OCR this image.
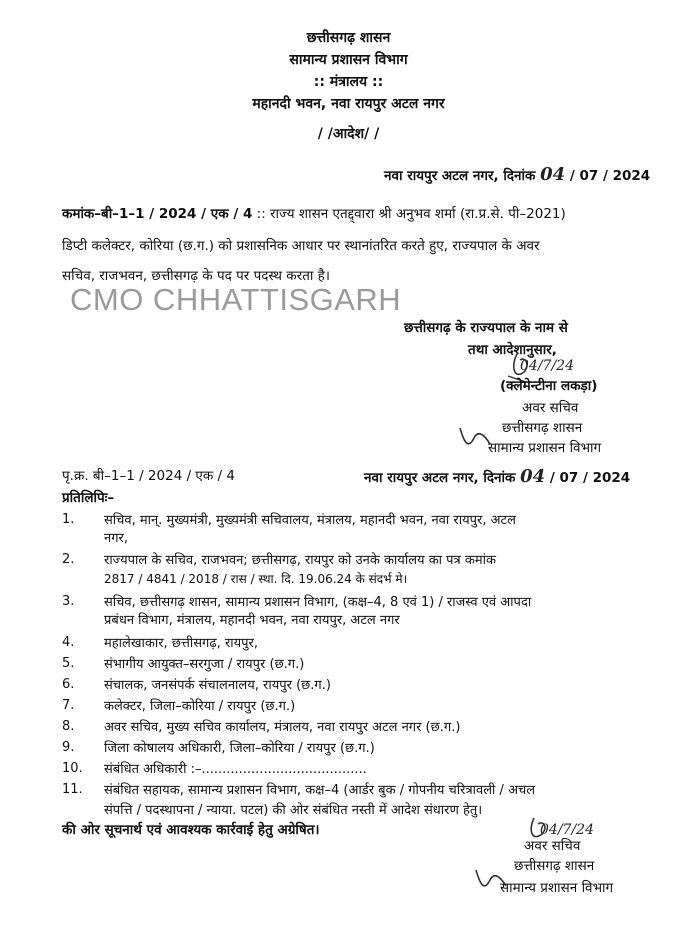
छत्तीसगढ़ शासन
सामान्य प्रशासन विभाग
:: मंत्रालय ::
महानदी भवन, नवा रायपुर अटल नगर
/ /आदेश/ /
नवा रायपुर अटल नगर, दिनांक 04 / 07 / 2024
कमांक–बी–1–1 / 2024 / एक / 4 :: राज्य शासन एतद्द्वारा श्री अनुभव शर्मा (रा.प्र.से. पी–2021)
डिप्टी कलेक्टर, कोरिया (छ.ग.) को प्रशासनिक आधार पर स्थानांतरित करते हुए, राज्यपाल के अवर
सचिव, राजभवन, छत्तीसगढ़ के पद पर पदस्थ करता है।
CMO CHHATTISGARH
छत्तीसगढ़ के राज्यपाल के नाम से
तथा आदेशानुसार,
04/7/24
(क्लेमेन्टीना लकड़ा)
अवर सचिव
छत्तीसगढ़ शासन
सामान्य प्रशासन विभाग
पृ.क्र. बी–1–1 / 2024 / एक / 4	नवा रायपुर अटल नगर, दिनांक 04 / 07 / 2024
प्रतिलिपिः–
1. सचिव, मान्. मुख्यमंत्री, मुख्यमंत्री सचिवालय, मंत्रालय, महानदी भवन, नवा रायपुर, अटल
नगर,
2. राज्यपाल के सचिव, राजभवन; छत्तीसगढ़, रायपुर को उनके कार्यालय का पत्र कमांक
2817 / 4841 / 2018 / रास / स्था. दि. 19.06.24 के संदर्भ मे।
3. सचिव, छत्तीसगढ़ शासन, सामान्य प्रशासन विभाग, (कक्ष–4, 8 एवं 1) / राजस्व एवं आपदा
प्रबंधन विभाग, मंत्रालय, महानदी भवन, नवा रायपुर, अटल नगर
4. महालेखाकार, छत्तीसगढ़, रायपुर,
5. संभागीय आयुक्त–सरगुजा / रायपुर (छ.ग.)
6. संचालक, जनसंपर्क संचालनालय, रायपुर (छ.ग.)
7. कलेक्टर, जिला–कोरिया / रायपुर (छ.ग.)
8. अवर सचिव, मुख्य सचिव कार्यालय, मंत्रालय, नवा रायपुर अटल नगर (छ.ग.)
9. जिला कोषालय अधिकारी, जिला–कोरिया / रायपुर (छ.ग.)
10. संबंधित अधिकारी :–........................................
11. संबंधित सहायक, सामान्य प्रशासन विभाग, कक्ष–4 (आर्डर बुक / गोपनीय चरित्रावली / अचल
संपत्ति / पदस्थापना / न्याया. पटल) की ओर संबंधित नस्ती में आदेश संधारण हेतु।
की ओर सूचनार्थ एवं आवश्यक कार्रवाई हेतु अग्रेषित।	04/7/24
अवर सचिव
छत्तीसगढ़ शासन
सामान्य प्रशासन विभाग
